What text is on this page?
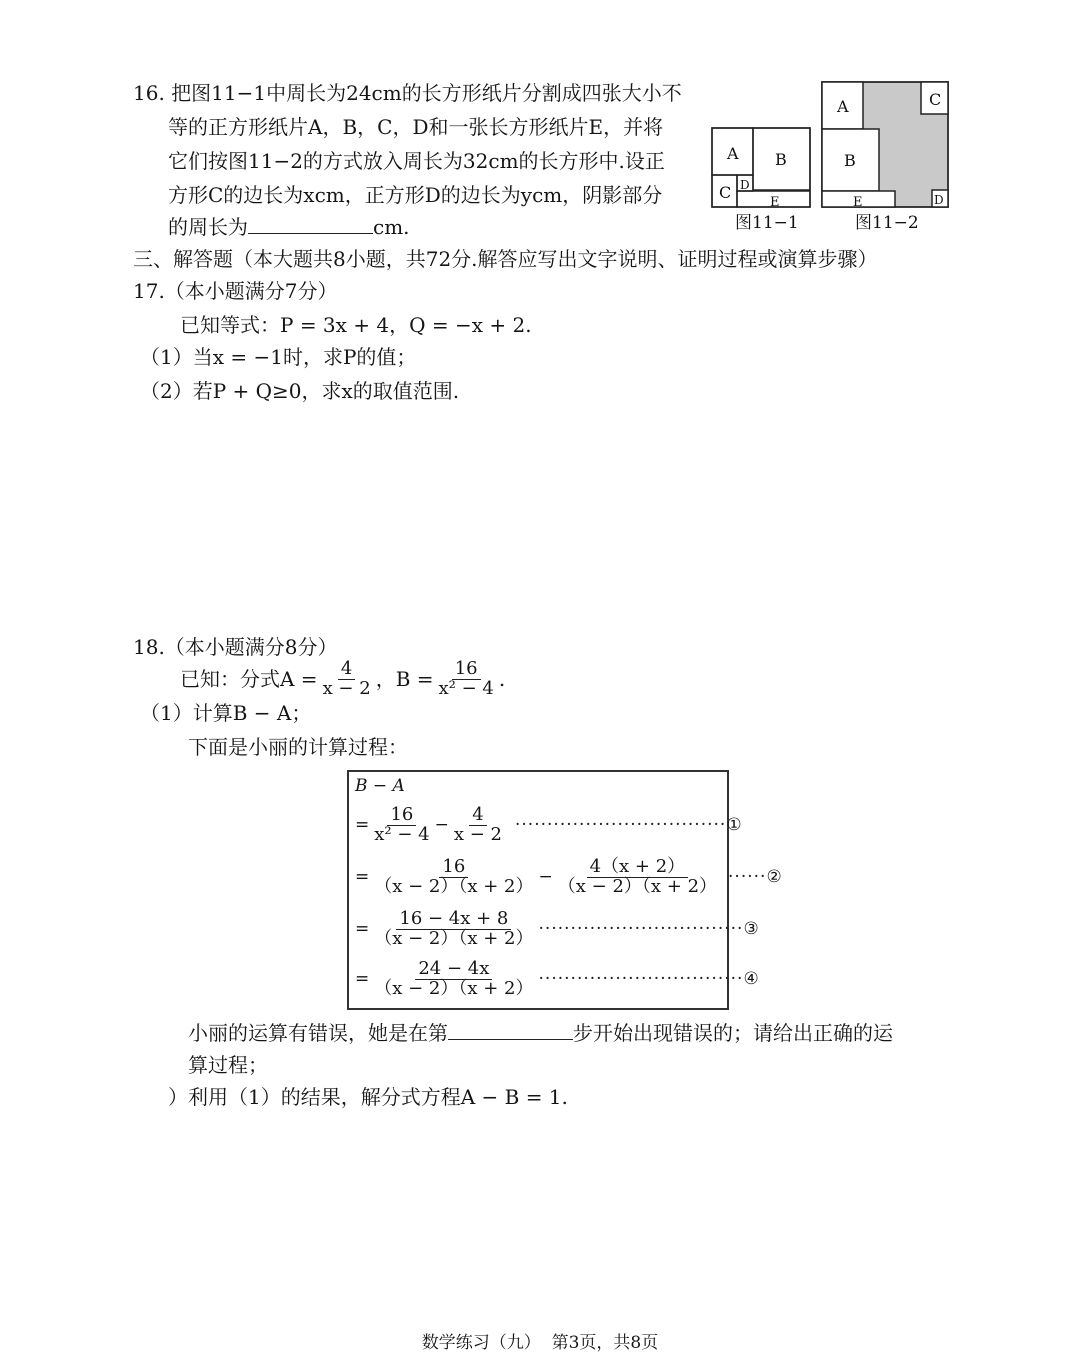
16. 把图11−1中周长为24cm的长方形纸片分割成四张大小不
等的正方形纸片A，B，C，D和一张长方形纸片E，并将
它们按图11−2的方式放入周长为32cm的长方形中.设正
方形C的边长为xcm，正方形D的边长为ycm，阴影部分
的周长为	cm.
A B
C D
E
A
B
C
D
E
图11−1	图11−2
三、解答题（本大题共8小题，共72分.解答应写出文字说明、证明过程或演算步骤）
17.（本小题满分7分）
已知等式：P = 3x + 4，Q = −x + 2.
（1）当x = −1时，求P的值；
（2）若P + Q≥0，求x的取值范围.
18.（本小题满分8分）
已知：分式$A = \frac{4}{x - 2}$ ，$B = \frac{16}{\text{x² − 4}}$ .
（1）计算B − A；
下面是小丽的计算过程：
B − A
= $\frac{16}{\text{x² − 4}} - \frac{4}{x - 2}$ ································· ①
= $\frac{16}{(x - 2)(x + 2)} - \frac{4(x + 2)}{(x - 2)(x + 2)}$ ······ ②
= $\frac{16 - 4x + 8}{(x - 2)(x + 2)}$ ································ ③
= $\frac{24 - 4x}{(x - 2)(x + 2)}$ ································ ④
小丽的运算有错误，她是在第	步开始出现错误的；请给出正确的运
算过程；
）利用（1）的结果，解分式方程A − B = 1.
数学练习（九）  第3页，共8页
